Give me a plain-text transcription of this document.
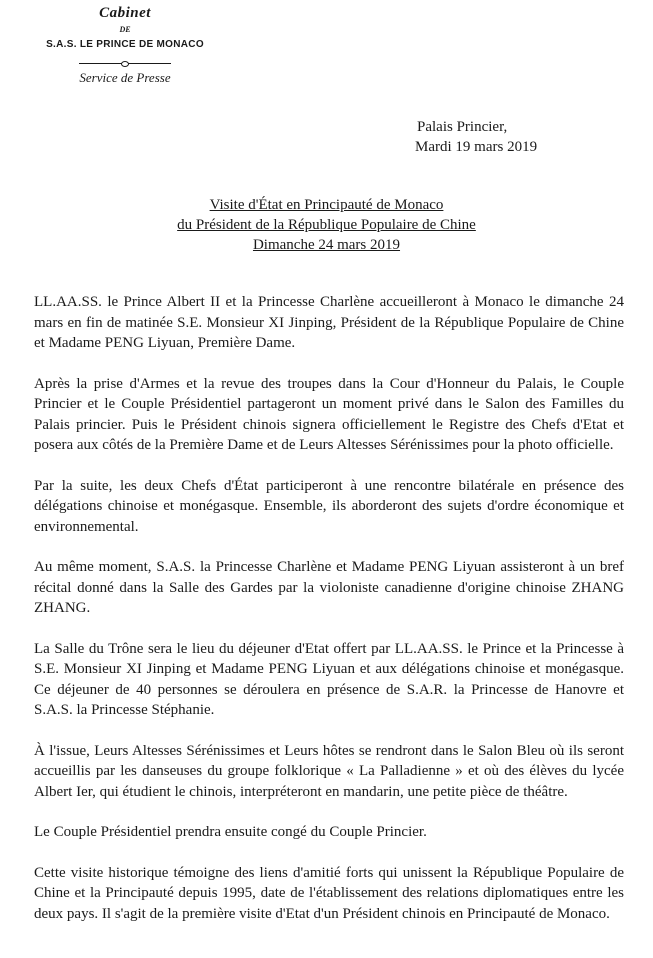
Cabinet
DE
S.A.S. LE PRINCE DE MONACO
Service de Presse
Palais Princier,
Mardi 19 mars 2019
Visite d'État en Principauté de Monaco
du Président de la République Populaire de Chine
Dimanche 24 mars 2019

LL.AA.SS. le Prince Albert II et la Princesse Charlène accueilleront à Monaco le dimanche 24 mars en fin de matinée S.E. Monsieur XI Jinping, Président de la République Populaire de Chine et Madame PENG Liyuan, Première Dame.

Après la prise d'Armes et la revue des troupes dans la Cour d'Honneur du Palais, le Couple Princier et le Couple Présidentiel partageront un moment privé dans le Salon des Familles du Palais princier. Puis le Président chinois signera officiellement le Registre des Chefs d'Etat et posera aux côtés de la Première Dame et de Leurs Altesses Sérénissimes pour la photo officielle.

Par la suite, les deux Chefs d'État participeront à une rencontre bilatérale en présence des délégations chinoise et monégasque. Ensemble, ils aborderont des sujets d'ordre économique et environnemental.

Au même moment, S.A.S. la Princesse Charlène et Madame PENG Liyuan assisteront à un bref récital donné dans la Salle des Gardes par la violoniste canadienne d'origine chinoise ZHANG ZHANG.

La Salle du Trône sera le lieu du déjeuner d'Etat offert par LL.AA.SS. le Prince et la Princesse à S.E. Monsieur XI Jinping et Madame PENG Liyuan et aux délégations chinoise et monégasque. Ce déjeuner de 40 personnes se déroulera en présence de S.A.R. la Princesse de Hanovre et S.A.S. la Princesse Stéphanie.

À l'issue, Leurs Altesses Sérénissimes et Leurs hôtes se rendront dans le Salon Bleu où ils seront accueillis par les danseuses du groupe folklorique « La Palladienne » et où des élèves du lycée Albert Ier, qui étudient le chinois, interpréteront en mandarin, une petite pièce de théâtre.

Le Couple Présidentiel prendra ensuite congé du Couple Princier.

Cette visite historique témoigne des liens d'amitié forts qui unissent la République Populaire de Chine et la Principauté depuis 1995, date de l'établissement des relations diplomatiques entre les deux pays. Il s'agit de la première visite d'Etat d'un Président chinois en Principauté de Monaco.
